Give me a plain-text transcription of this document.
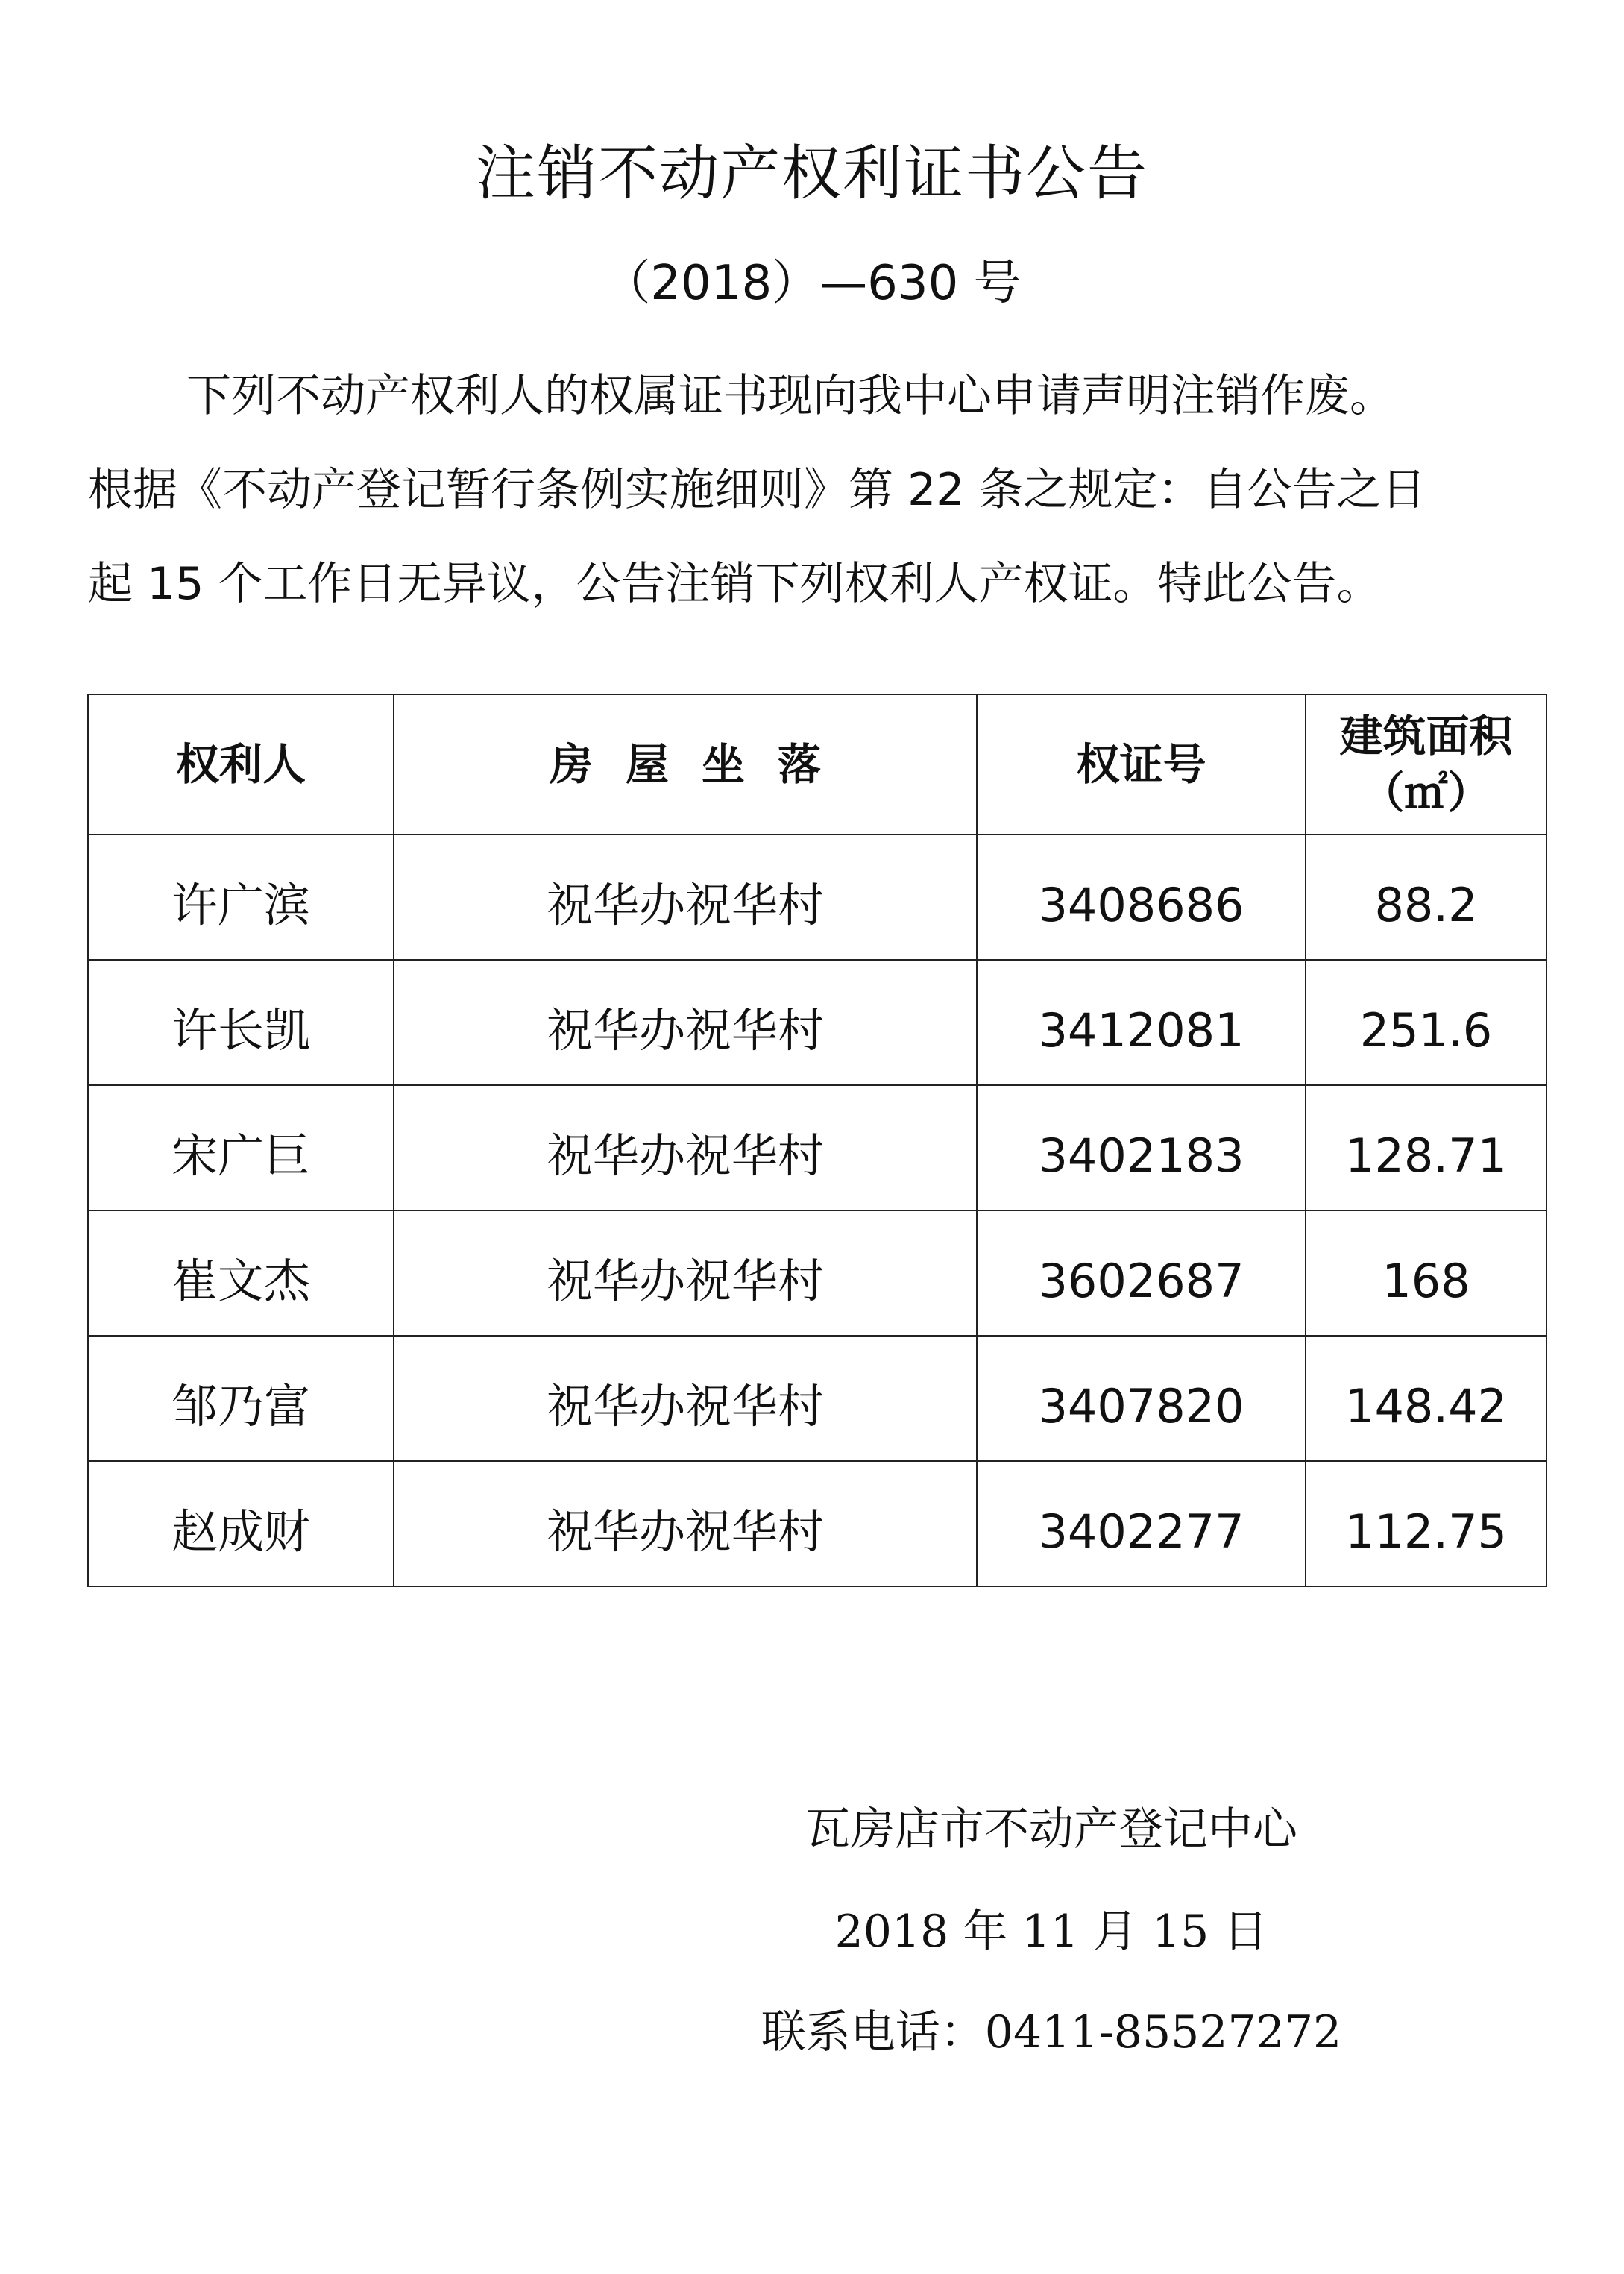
注销不动产权利证书公告
（2018）—630 号

下列不动产权利人的权属证书现向我中心申请声明注销作废。
根据《不动产登记暂行条例实施细则》第 22 条之规定：自公告之日
起 15 个工作日无异议，公告注销下列权利人产权证。特此公告。

权利人	房屋坐落	权证号	建筑面积
（㎡）
许广滨	祝华办祝华村	3408686	88.2
许长凯	祝华办祝华村	3412081	251.6
宋广巨	祝华办祝华村	3402183	128.71
崔文杰	祝华办祝华村	3602687	168
邹乃富	祝华办祝华村	3407820	148.42
赵成财	祝华办祝华村	3402277	112.75
瓦房店市不动产登记中心
2018 年 11 月 15 日
联系电话：0411-85527272
